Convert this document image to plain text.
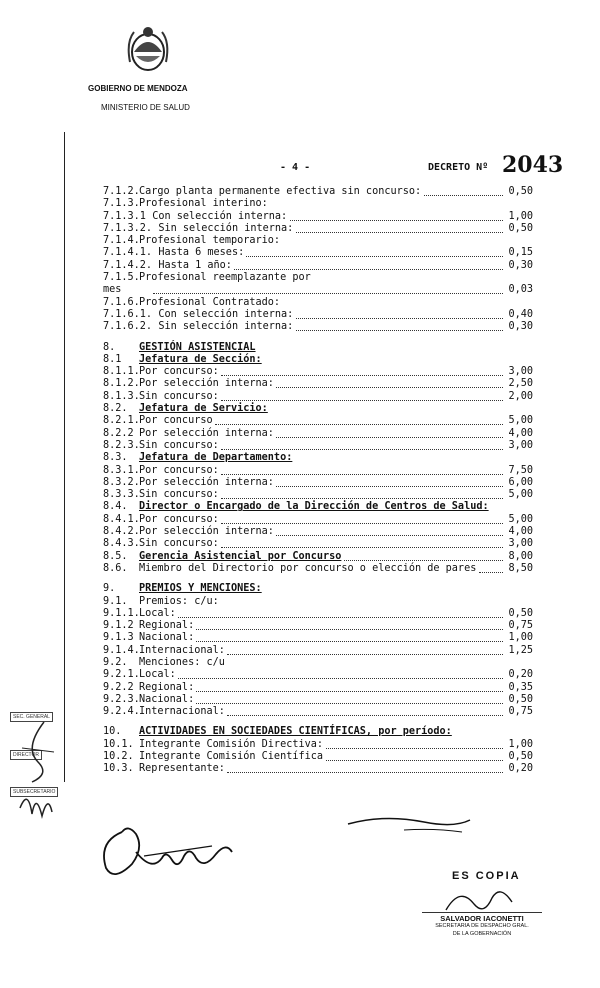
GOBIERNO DE MENDOZA
MINISTERIO DE SALUD
- 4 -	DECRETO Nº 2043
7.1.2. Cargo planta permanente efectiva sin concurso:	0,50
7.1.3. Profesional interino:
7.1.3.1 Con selección interna:	1,00
7.1.3.2. Sin selección interna:	0,50
7.1.4. Profesional temporario:
7.1.4.1. Hasta 6 meses:	0,15
7.1.4.2. Hasta 1 año:	0,30
7.1.5. Profesional reemplazante por
mes	0,03
7.1.6. Profesional Contratado:
7.1.6.1. Con selección interna:	0,40
7.1.6.2. Sin selección interna:	0,30
8. GESTIÓN ASISTENCIAL
8.1 Jefatura de Sección:
8.1.1. Por concurso:	3,00
8.1.2. Por selección interna:	2,50
8.1.3. Sin concurso:	2,00
8.2. Jefatura de Servicio:
8.2.1. Por concurso	5,00
8.2.2 Por selección interna:	4,00
8.2.3. Sin concurso:	3,00
8.3. Jefatura de Departamento:
8.3.1. Por concurso:	7,50
8.3.2. Por selección interna:	6,00
8.3.3. Sin concurso:	5,00
8.4. Director o Encargado de la Dirección de Centros de Salud:
8.4.1. Por concurso:	5,00
8.4.2. Por selección interna:	4,00
8.4.3. Sin concurso:	3,00
8.5. Gerencia Asistencial por Concurso	8,00
8.6. Miembro del Directorio por concurso o elección de pares	8,50
9. PREMIOS Y MENCIONES:
9.1. Premios: c/u:
9.1.1. Local:	0,50
9.1.2 Regional:	0,75
9.1.3 Nacional:	1,00
9.1.4. Internacional:	1,25
9.2. Menciones: c/u
9.2.1. Local:	0,20
9.2.2 Regional:	0,35
9.2.3. Nacional:	0,50
9.2.4. Internacional:	0,75
10. ACTIVIDADES EN SOCIEDADES CIENTÍFICAS, por período:
10.1. Integrante Comisión Directiva:	1,00
10.2. Integrante Comisión Científica	0,50
10.3. Representante:	0,20
SEC. GENERAL
DIRECTOR
SUBSECRETARIO
ES COPIA
SALVADOR IACONETTI
SECRETARIA DE DESPACHO GRAL.
DE LA GOBERNACIÓN
